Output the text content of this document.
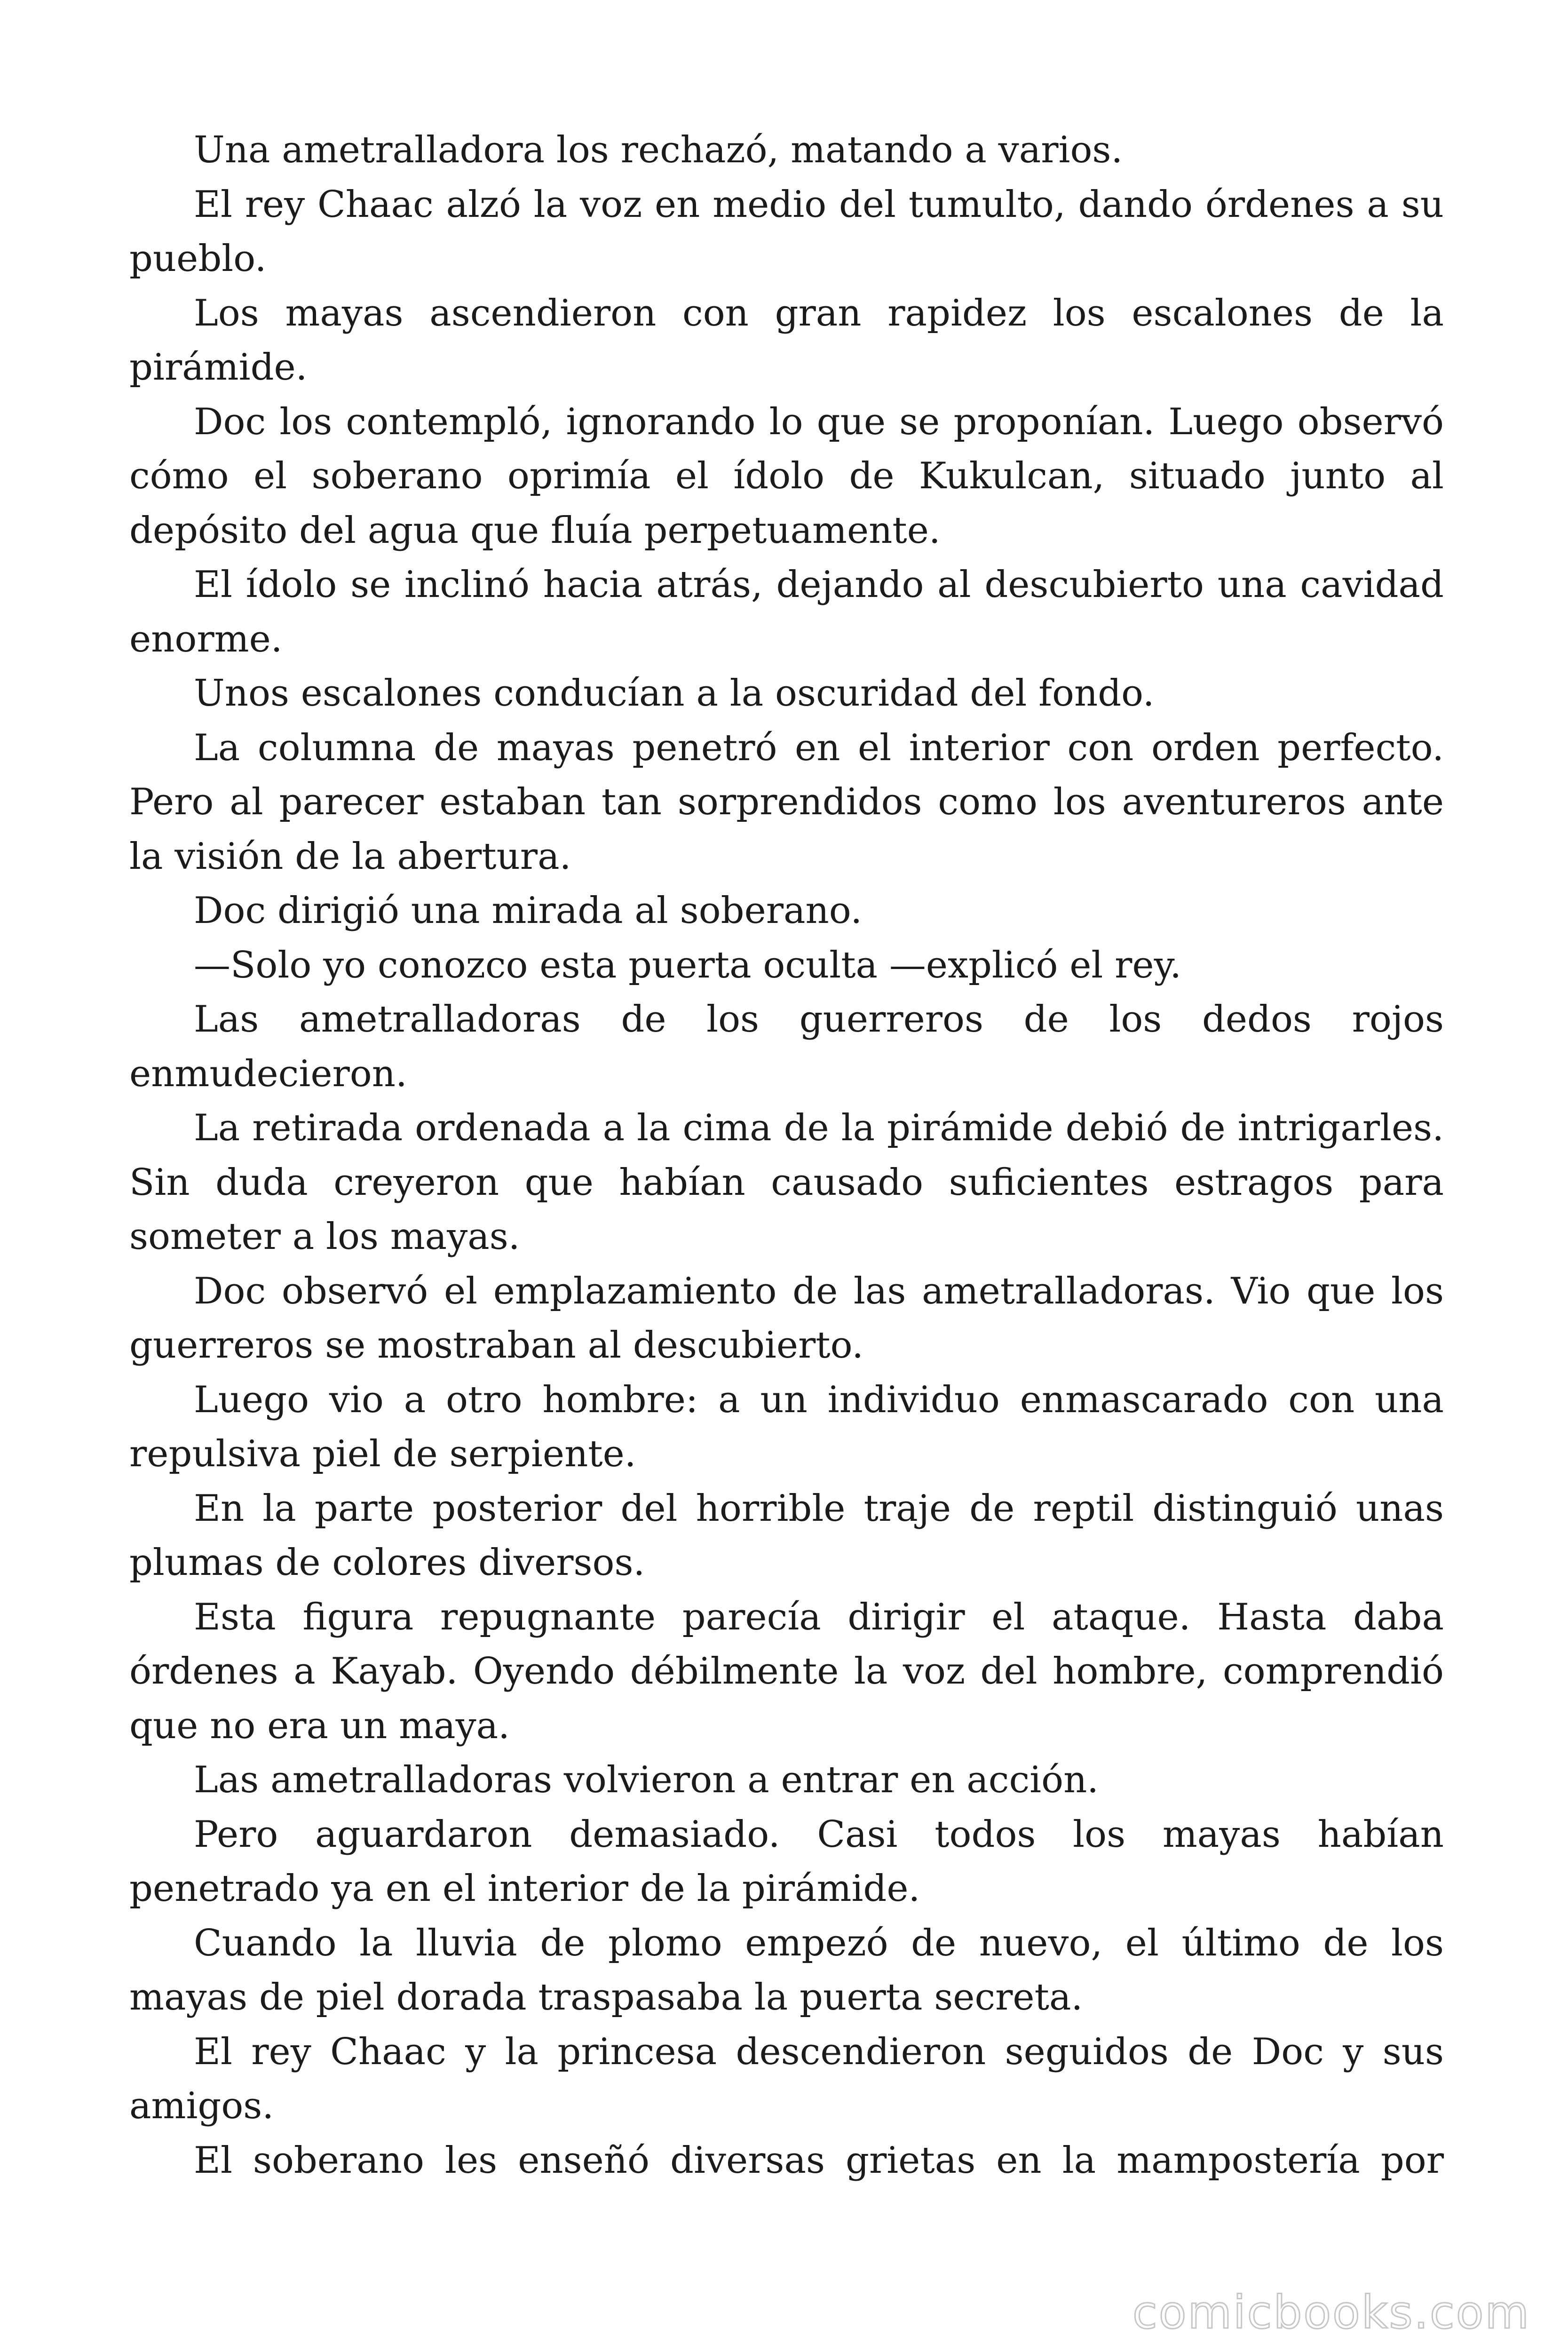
Una ametralladora los rechazó, matando a varios.

El rey Chaac alzó la voz en medio del tumulto, dando órdenes a su pueblo.

Los mayas ascendieron con gran rapidez los escalones de la pirámide.

Doc los contempló, ignorando lo que se proponían. Luego observó cómo el soberano oprimía el ídolo de Kukulcan, situado junto al depósito del agua que fluía perpetuamente.

El ídolo se inclinó hacia atrás, dejando al descubierto una cavidad enorme.

Unos escalones conducían a la oscuridad del fondo.

La columna de mayas penetró en el interior con orden perfecto. Pero al parecer estaban tan sorprendidos como los aventureros ante la visión de la abertura.

Doc dirigió una mirada al soberano.

—Solo yo conozco esta puerta oculta —explicó el rey.

Las ametralladoras de los guerreros de los dedos rojos enmudecieron.

La retirada ordenada a la cima de la pirámide debió de intrigarles. Sin duda creyeron que habían causado suficientes estragos para someter a los mayas.

Doc observó el emplazamiento de las ametralladoras. Vio que los guerreros se mostraban al descubierto.

Luego vio a otro hombre: a un individuo enmascarado con una repulsiva piel de serpiente.

En la parte posterior del horrible traje de reptil distinguió unas plumas de colores diversos.

Esta figura repugnante parecía dirigir el ataque. Hasta daba órdenes a Kayab. Oyendo débilmente la voz del hombre, comprendió que no era un maya.

Las ametralladoras volvieron a entrar en acción.

Pero aguardaron demasiado. Casi todos los mayas habían penetrado ya en el interior de la pirámide.

Cuando la lluvia de plomo empezó de nuevo, el último de los mayas de piel dorada traspasaba la puerta secreta.

El rey Chaac y la princesa descendieron seguidos de Doc y sus amigos.

El soberano les enseñó diversas grietas en la mampostería por

comicbooks.com
